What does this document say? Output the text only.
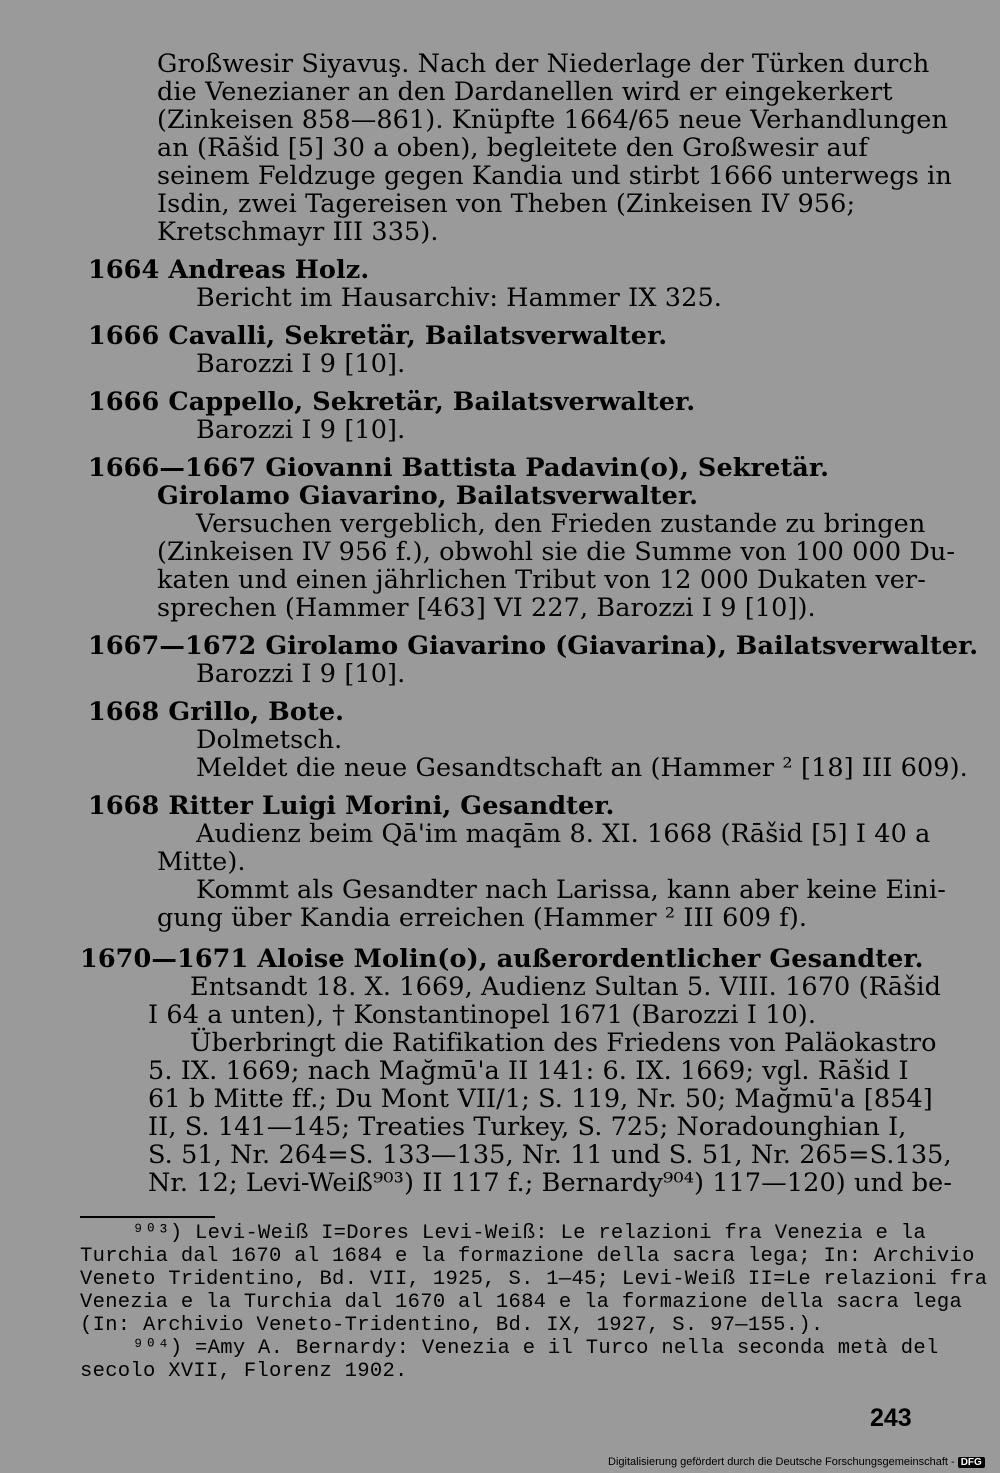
Großwesir Siyavuş. Nach der Niederlage der Türken durch
die Venezianer an den Dardanellen wird er eingekerkert
(Zinkeisen 858—861). Knüpfte 1664/65 neue Verhandlungen
an (Rāšid [5] 30 a oben), begleitete den Großwesir auf
seinem Feldzuge gegen Kandia und stirbt 1666 unterwegs in
Isdin, zwei Tagereisen von Theben (Zinkeisen IV 956;
Kretschmayr III 335).
1664 Andreas Holz.
Bericht im Hausarchiv: Hammer IX 325.
1666 Cavalli, Sekretär, Bailatsverwalter.
Barozzi I 9 [10].
1666 Cappello, Sekretär, Bailatsverwalter.
Barozzi I 9 [10].
1666—1667 Giovanni Battista Padavin(o), Sekretär.
Girolamo Giavarino, Bailatsverwalter.
Versuchen vergeblich, den Frieden zustande zu bringen
(Zinkeisen IV 956 f.), obwohl sie die Summe von 100 000 Du-
katen und einen jährlichen Tribut von 12 000 Dukaten ver-
sprechen (Hammer [463] VI 227, Barozzi I 9 [10]).
1667—1672 Girolamo Giavarino (Giavarina), Bailatsverwalter.
Barozzi I 9 [10].
1668 Grillo, Bote.
Dolmetsch.
Meldet die neue Gesandtschaft an (Hammer ² [18] III 609).
1668 Ritter Luigi Morini, Gesandter.
Audienz beim Qā'im maqām 8. XI. 1668 (Rāšid [5] I 40 a
Mitte).
Kommt als Gesandter nach Larissa, kann aber keine Eini-
gung über Kandia erreichen (Hammer ² III 609 f).
1670—1671 Aloise Molin(o), außerordentlicher Gesandter.
Entsandt 18. X. 1669, Audienz Sultan 5. VIII. 1670 (Rāšid
I 64 a unten), † Konstantinopel 1671 (Barozzi I 10).
Überbringt die Ratifikation des Friedens von Paläokastro
5. IX. 1669; nach Mağmū'a II 141: 6. IX. 1669; vgl. Rāšid I
61 b Mitte ff.; Du Mont VII/1; S. 119, Nr. 50; Mağmū'a [854]
II, S. 141—145; Treaties Turkey, S. 725; Noradounghian I,
S. 51, Nr. 264=S. 133—135, Nr. 11 und S. 51, Nr. 265=S.135,
Nr. 12; Levi-Weiß⁹⁰³) II 117 f.; Bernardy⁹⁰⁴) 117—120) und be-
⁹⁰³) Levi-Weiß I=Dores Levi-Weiß: Le relazioni fra Venezia e la
Turchia dal 1670 al 1684 e la formazione della sacra lega; In: Archivio
Veneto Tridentino, Bd. VII, 1925, S. 1—45; Levi-Weiß II=Le relazioni fra
Venezia e la Turchia dal 1670 al 1684 e la formazione della sacra lega
(In: Archivio Veneto-Tridentino, Bd. IX, 1927, S. 97—155.).
⁹⁰⁴) =Amy A. Bernardy: Venezia e il Turco nella seconda metà del
secolo XVII, Florenz 1902.
243
Digitalisierung gefördert durch die Deutsche Forschungsgemeinschaft - DFG
